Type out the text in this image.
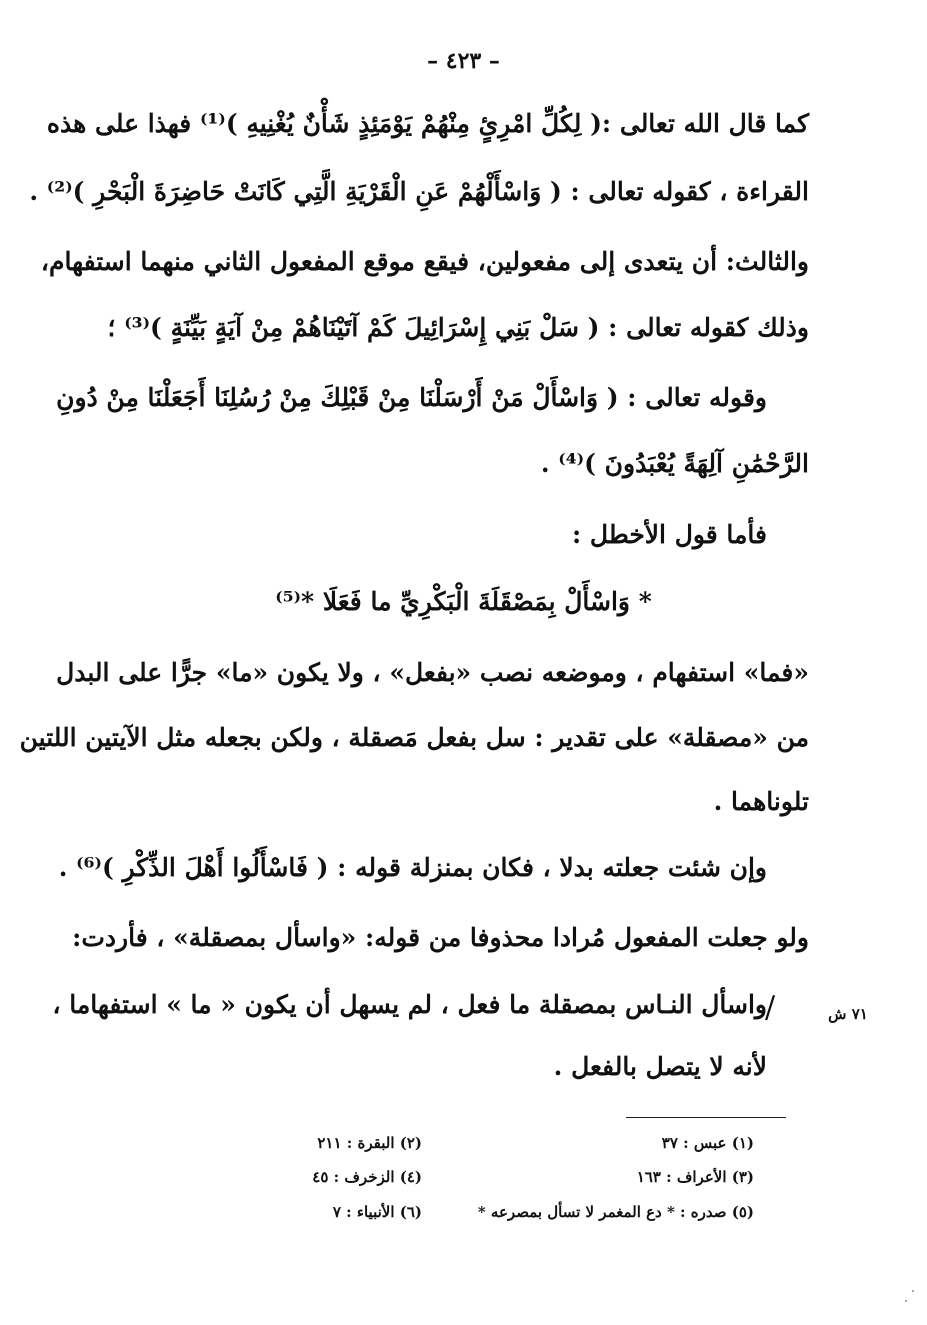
– ٤٢٣ –
كما قال الله تعالى :( لِكُلِّ امْرِئٍ مِنْهُمْ يَوْمَئِذٍ شَأْنٌ يُغْنِيهِ )⁽¹⁾ فهذا على هذه
القراءة ، كقوله تعالى : ( وَاسْأَلْهُمْ عَنِ الْقَرْيَةِ الَّتِي كَانَتْ حَاضِرَةَ الْبَحْرِ )⁽²⁾ .
والثالث: أن يتعدى إلى مفعولين، فيقع موقع المفعول الثاني منهما استفهام،
وذلك كقوله تعالى : ( سَلْ بَنِي إِسْرَائِيلَ كَمْ آتَيْنَاهُمْ مِنْ آيَةٍ بَيِّنَةٍ )⁽³⁾ ؛
وقوله تعالى : ( وَاسْأَلْ مَنْ أَرْسَلْنَا مِنْ قَبْلِكَ مِنْ رُسُلِنَا أَجَعَلْنَا مِنْ دُونِ
الرَّحْمَٰنِ آلِهَةً يُعْبَدُونَ )⁽⁴⁾ .
فأما قول الأخطل :
* وَاسْأَلْ بِمَصْقَلَةَ الْبَكْرِيِّ ما فَعَلَا *⁽⁵⁾
«فما» استفهام ، وموضعه نصب «بفعل» ، ولا يكون «ما» جرًّا على البدل
من «مصقلة» على تقدير : سل بفعل مَصقلة ، ولكن بجعله مثل الآيتين اللتين
تلوناهما .
وإن شئت جعلته بدلا ، فكان بمنزلة قوله : ( فَاسْأَلُوا أَهْلَ الذِّكْرِ )⁽⁶⁾ .
ولو جعلت المفعول مُرادا محذوفا من قوله: «واسأل بمصقلة» ، فأردت:
واسأل النـاس بمصقلة ما فعل ، لم يسهل أن يكون « ما » استفهاما ،
لأنه لا يتصل بالفعل .
/	٧١ ش
(١) عبس : ٣٧
(٢) البقرة : ٢١١
(٣) الأعراف : ١٦٣
(٤) الزخرف : ٤٥
(٥) صدره : * دع المغمر لا تسأل بمصرعه *
(٦) الأنبياء : ٧
